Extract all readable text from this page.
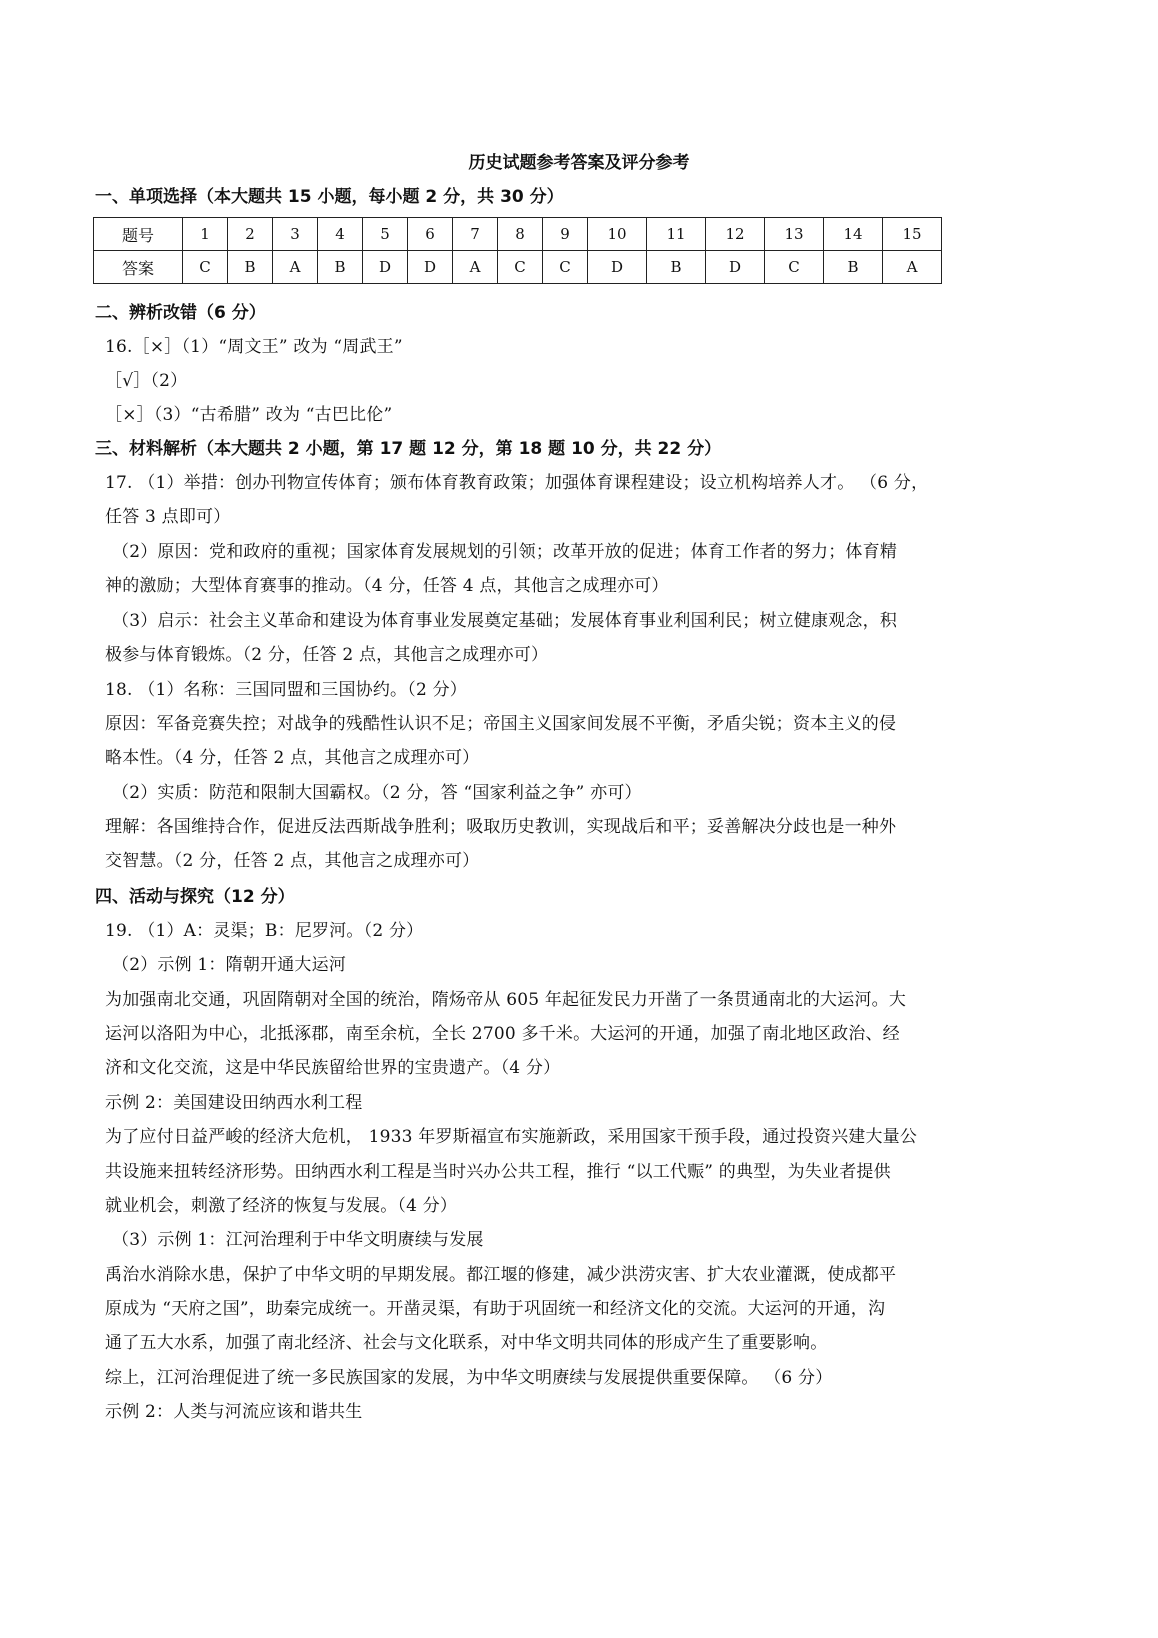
历史试题参考答案及评分参考
一、单项选择（本大题共 15 小题，每小题 2 分，共 30 分）
题号	1	2	3	4	5	6	7	8	9	10	11	12	13	14	15
答案	C	B	A	B	D	D	A	C	C	D	B	D	C	B	A
二、辨析改错（6 分）
16.［×］（1）“周文王” 改为 “周武王”
［√］（2）
［×］（3）“古希腊” 改为 “古巴比伦”
三、材料解析（本大题共 2 小题，第 17 题 12 分，第 18 题 10 分，共 22 分）
17. （1）举措：创办刊物宣传体育；颁布体育教育政策；加强体育课程建设；设立机构培养人才。 （6 分，
任答 3 点即可）
（2）原因：党和政府的重视；国家体育发展规划的引领；改革开放的促进；体育工作者的努力；体育精
神的激励；大型体育赛事的推动。（4 分，任答 4 点，其他言之成理亦可）
（3）启示：社会主义革命和建设为体育事业发展奠定基础；发展体育事业利国利民；树立健康观念，积
极参与体育锻炼。（2 分，任答 2 点，其他言之成理亦可）
18. （1）名称：三国同盟和三国协约。（2 分）
原因：军备竞赛失控；对战争的残酷性认识不足；帝国主义国家间发展不平衡，矛盾尖锐；资本主义的侵
略本性。（4 分，任答 2 点，其他言之成理亦可）
（2）实质：防范和限制大国霸权。（2 分，答 “国家利益之争” 亦可）
理解：各国维持合作，促进反法西斯战争胜利；吸取历史教训，实现战后和平；妥善解决分歧也是一种外
交智慧。（2 分，任答 2 点，其他言之成理亦可）
四、活动与探究（12 分）
19. （1）A：灵渠；B：尼罗河。（2 分）
（2）示例 1：隋朝开通大运河
为加强南北交通，巩固隋朝对全国的统治，隋炀帝从 605 年起征发民力开凿了一条贯通南北的大运河。大
运河以洛阳为中心，北抵涿郡，南至余杭，全长 2700 多千米。大运河的开通，加强了南北地区政治、经
济和文化交流，这是中华民族留给世界的宝贵遗产。（4 分）
示例 2：美国建设田纳西水利工程
为了应付日益严峻的经济大危机， 1933 年罗斯福宣布实施新政，采用国家干预手段，通过投资兴建大量公
共设施来扭转经济形势。田纳西水利工程是当时兴办公共工程，推行 “以工代赈” 的典型，为失业者提供
就业机会，刺激了经济的恢复与发展。（4 分）
（3）示例 1：江河治理利于中华文明赓续与发展
禹治水消除水患，保护了中华文明的早期发展。都江堰的修建，减少洪涝灾害、扩大农业灌溉，使成都平
原成为 “天府之国”，助秦完成统一。开凿灵渠，有助于巩固统一和经济文化的交流。大运河的开通，沟
通了五大水系，加强了南北经济、社会与文化联系，对中华文明共同体的形成产生了重要影响。
综上，江河治理促进了统一多民族国家的发展，为中华文明赓续与发展提供重要保障。 （6 分）
示例 2：人类与河流应该和谐共生
